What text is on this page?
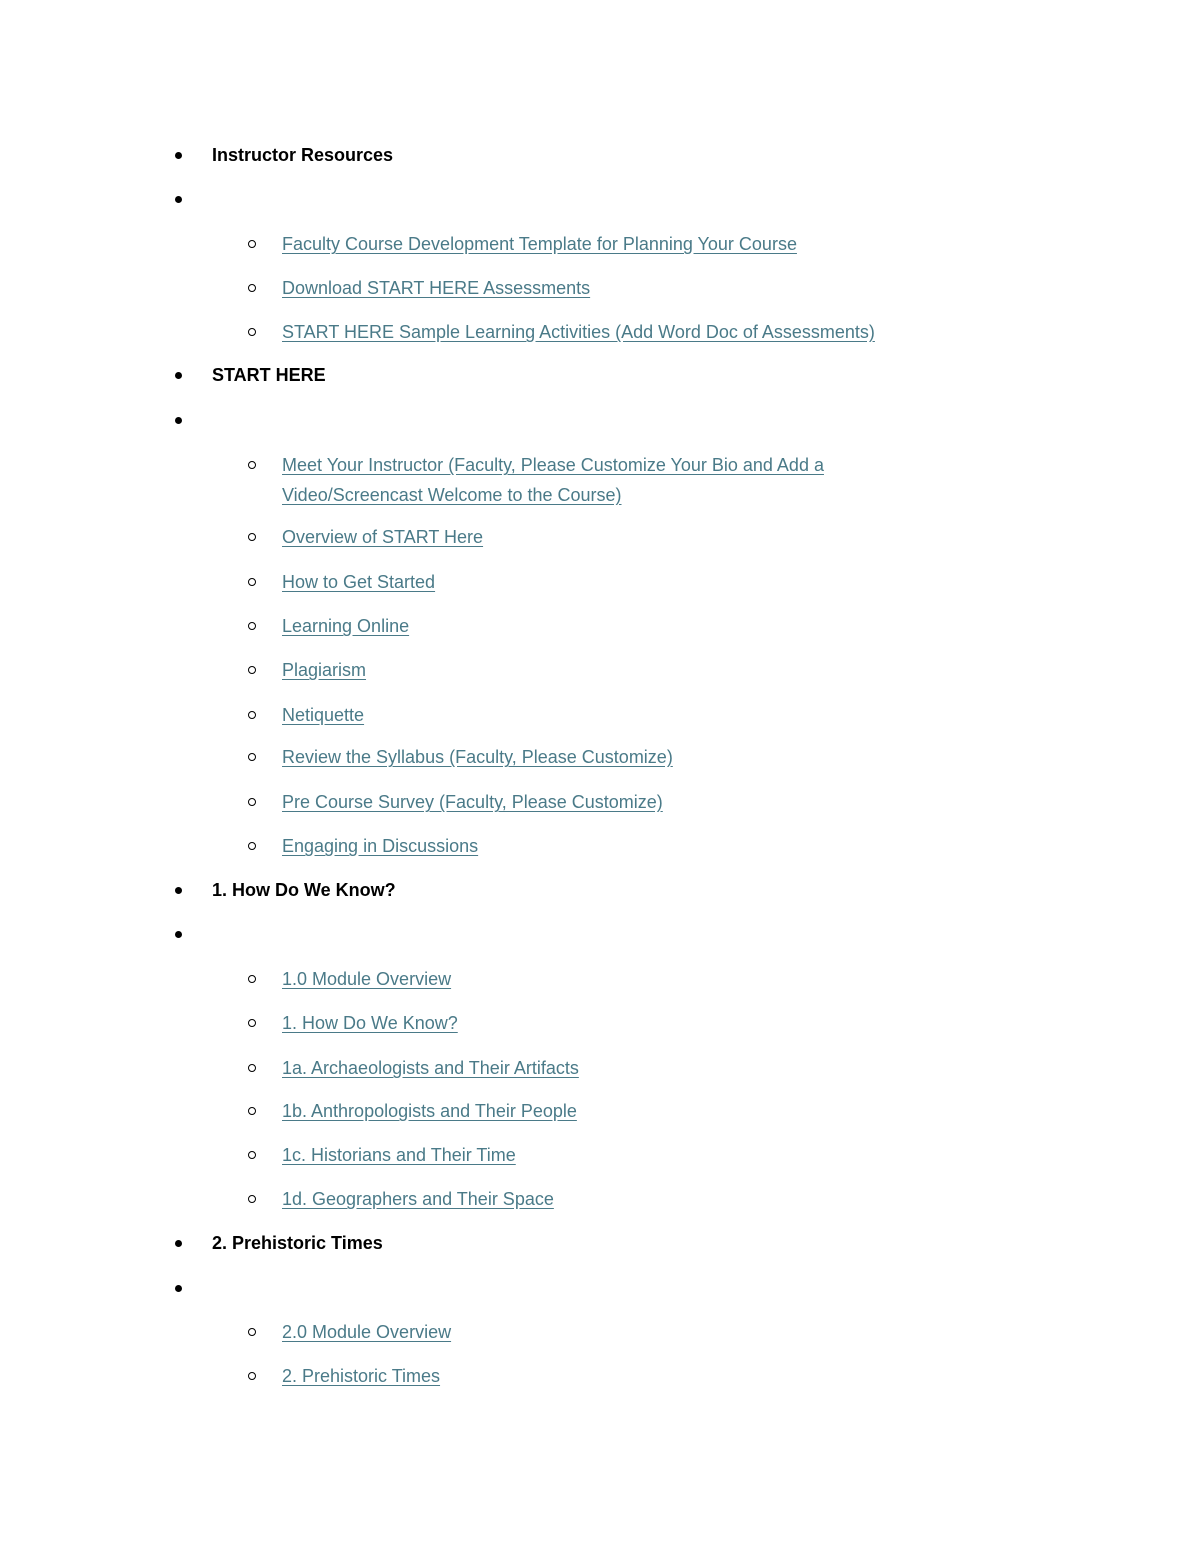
Instructor Resources
Faculty Course Development Template for Planning Your Course
Download START HERE Assessments
START HERE Sample Learning Activities (Add Word Doc of Assessments)
START HERE
Meet Your Instructor (Faculty, Please Customize Your Bio and Add a Video/Screencast Welcome to the Course)
Overview of START Here
How to Get Started
Learning Online
Plagiarism
Netiquette
Review the Syllabus (Faculty, Please Customize)
Pre Course Survey (Faculty, Please Customize)
Engaging in Discussions
1. How Do We Know?
1.0 Module Overview
1. How Do We Know?
1a. Archaeologists and Their Artifacts
1b. Anthropologists and Their People
1c. Historians and Their Time
1d. Geographers and Their Space
2. Prehistoric Times
2.0 Module Overview
2. Prehistoric Times
